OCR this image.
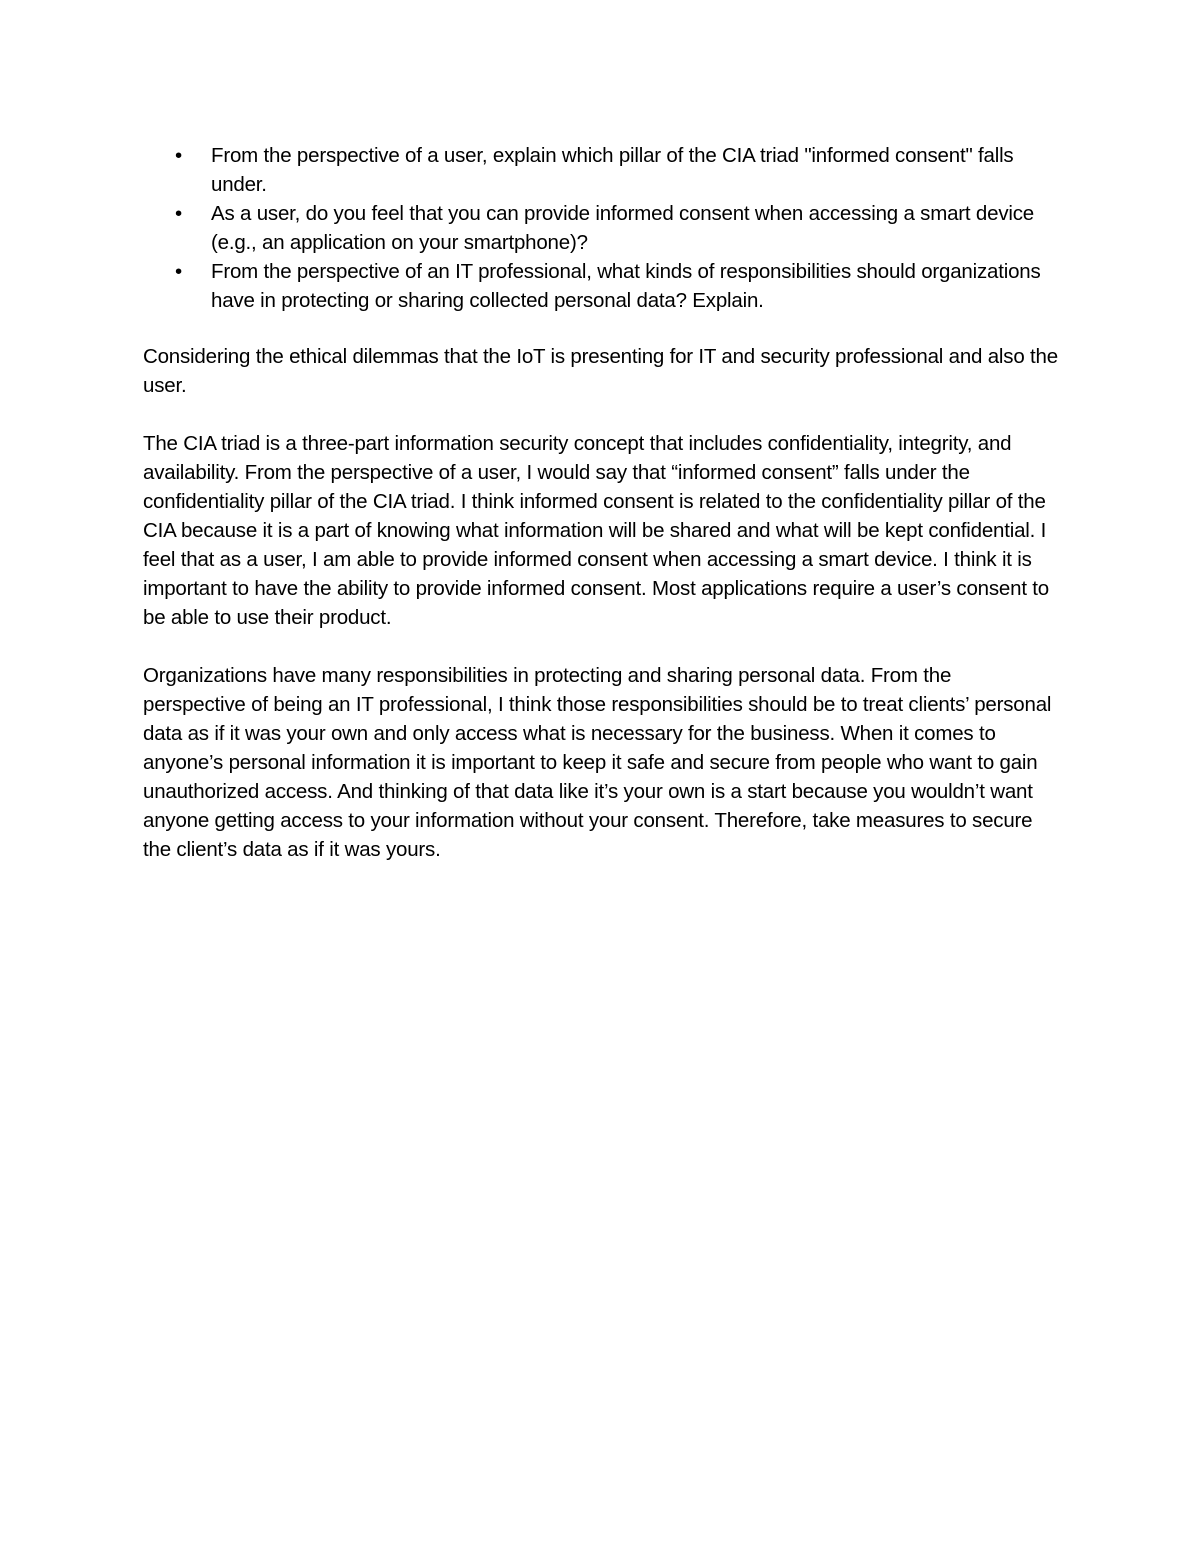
• From the perspective of a user, explain which pillar of the CIA triad "informed consent" falls under.
• As a user, do you feel that you can provide informed consent when accessing a smart device (e.g., an application on your smartphone)?
• From the perspective of an IT professional, what kinds of responsibilities should organizations have in protecting or sharing collected personal data? Explain.

Considering the ethical dilemmas that the IoT is presenting for IT and security professional and also the user.

The CIA triad is a three-part information security concept that includes confidentiality, integrity, and availability. From the perspective of a user, I would say that “informed consent” falls under the confidentiality pillar of the CIA triad. I think informed consent is related to the confidentiality pillar of the CIA because it is a part of knowing what information will be shared and what will be kept confidential. I feel that as a user, I am able to provide informed consent when accessing a smart device. I think it is important to have the ability to provide informed consent. Most applications require a user’s consent to be able to use their product.

Organizations have many responsibilities in protecting and sharing personal data. From the perspective of being an IT professional, I think those responsibilities should be to treat clients’ personal data as if it was your own and only access what is necessary for the business. When it comes to anyone’s personal information it is important to keep it safe and secure from people who want to gain unauthorized access. And thinking of that data like it’s your own is a start because you wouldn’t want anyone getting access to your information without your consent. Therefore, take measures to secure the client’s data as if it was yours.
